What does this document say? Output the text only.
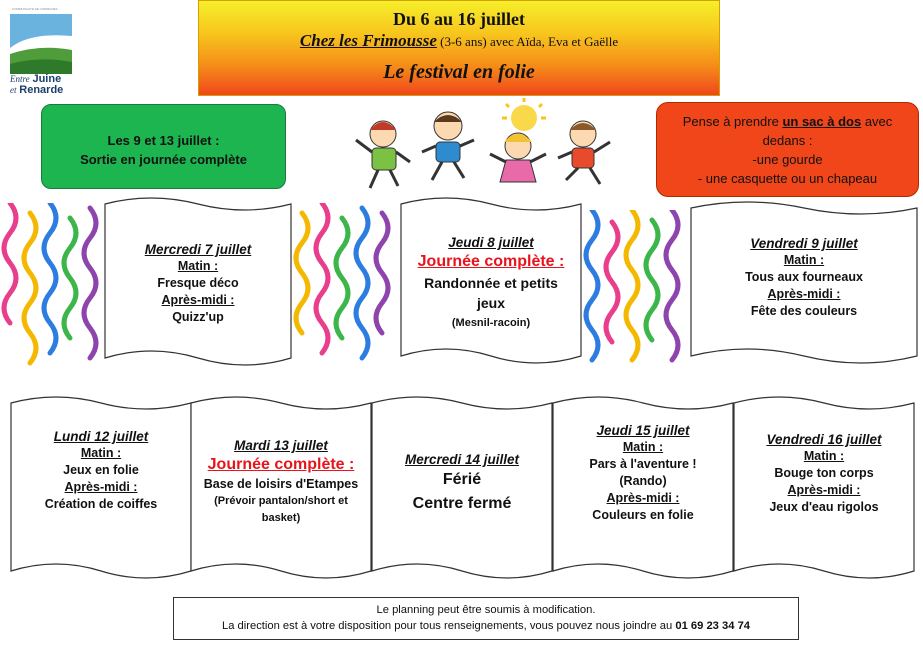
COMMUNAUTE DE COMMUNES
Entre Juine
et Renarde
Du 6 au 16 juillet
Chez les Frimousse (3-6 ans) avec Aïda, Eva et Gaëlle
Le festival en folie
Les 9 et 13 juillet :
Sortie en journée complète
Pense à prendre un sac à dos avec
dedans :
-une gourde
- une casquette ou un chapeau
Mercredi 7 juillet
Matin :
Fresque déco
Après-midi :
Quizz'up
Jeudi 8 juillet
Journée complète :
Randonnée et petits
jeux
(Mesnil-racoin)
Vendredi 9 juillet
Matin :
Tous aux fourneaux
Après-midi :
Fête des couleurs
Lundi 12 juillet
Matin :
Jeux en folie
Après-midi :
Création de coiffes
Mardi 13 juillet
Journée complète :
Base de loisirs d'Etampes
(Prévoir pantalon/short et
basket)
Mercredi 14 juillet
Férié
Centre fermé
Jeudi 15 juillet
Matin :
Pars à l'aventure !
(Rando)
Après-midi :
Couleurs en folie
Vendredi 16 juillet
Matin :
Bouge ton corps
Après-midi :
Jeux d'eau rigolos
Le planning peut être soumis à modification.
La direction est à votre disposition pour tous renseignements, vous pouvez nous joindre au 01 69 23 34 74
